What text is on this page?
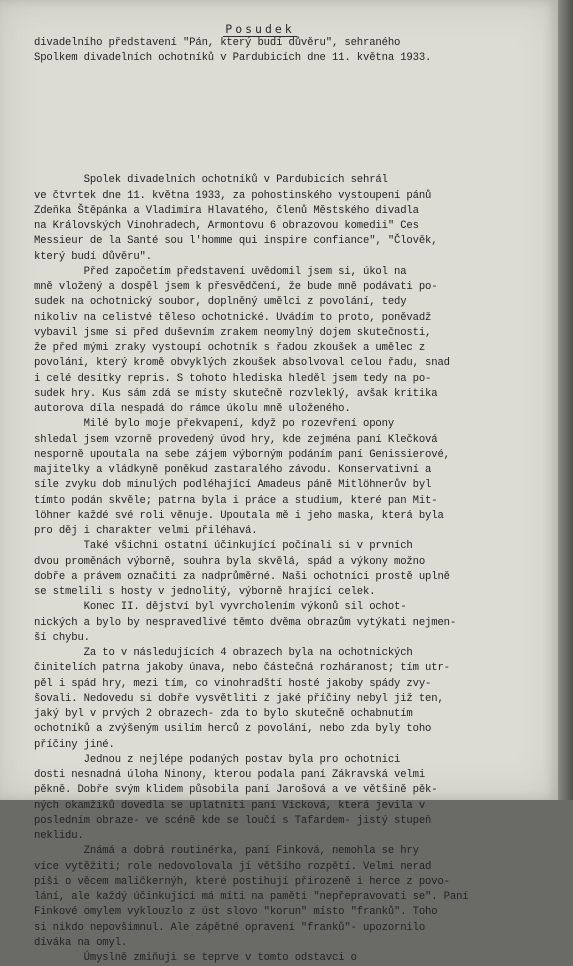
Posudek
divadelního představení "Pán, který budí důvěru", sehraného
Spolkem divadelních ochotníků v Pardubicích dne 11. května 1933.

Spolek divadelních ochotníků v Pardubicích sehrál
ve čtvrtek dne 11. května 1933, za pohostinského vystoupení pánů
Zdeňka Štěpánka a Vladimíra Hlavatého, členů Městského divadla
na Královských Vinohradech, Armontovu 6 obrazovou komedii" Ces
Messieur de la Santé sou l'homme qui inspire confiance", "Člověk,
který budí důvěru".
Před započetím představení uvědomil jsem si, úkol na
mně vložený a dospěl jsem k přesvědčení, že bude mně podávati po-
sudek na ochotnický soubor, doplněný umělci z povolání, tedy
nikoliv na celistvé těleso ochotnické. Uvádím to proto, poněvadž
vybavil jsme si před duševním zrakem neomylný dojem skutečnosti,
že před mými zraky vystoupí ochotník s řadou zkoušek a umělec z
povolání, který kromě obvyklých zkoušek absolvoval celou řadu, snad
i celé desítky repris. S tohoto hlediska hleděl jsem tedy na po-
sudek hry. Kus sám zdá se místy skutečně rozvleklý, avšak kritika
autorova díla nespadá do rámce úkolu mně uloženého.
Milé bylo moje překvapení, když po rozevření opony
shledal jsem vzorně provedený úvod hry, kde zejména paní Klečková
nesporně upoutala na sebe zájem výborným podáním paní Genissierové,
majitelky a vládkyně poněkud zastaralého závodu. Konservativní a
síle zvyku dob minulých podléhající Amadeus páně Mitlöhnerův byl
tímto podán skvěle; patrna byla i práce a studium, které pan Mit-
löhner každé své roli věnuje. Upoutala mě i jeho maska, která byla
pro děj i charakter velmi přiléhavá.
Také všichni ostatní účinkující počínali si v prvních
dvou proměnách výborně, souhra byla skvělá, spád a výkony možno
dobře a právem označiti za nadprůměrné. Naši ochotníci prostě uplně
se stmelili s hosty v jednolitý, výborně hrající celek.
Konec II. dějství byl vyvrcholením výkonů sil ochot-
nických a bylo by nespravedlivé těmto dvěma obrazům vytýkati nejmen-
ší chybu.
Za to v následujících 4 obrazech byla na ochotnických
činitelích patrna jakoby únava, nebo částečná rozháranost; tím utr-
pěl i spád hry, mezi tím, co vinohradští hosté jakoby spády zvy-
šovali. Nedovedu si dobře vysvětliti z jaké příčiny nebyl již ten,
jaký byl v prvých 2 obrazech- zda to bylo skutečně ochabnutím
ochotníků a zvýšeným usilím herců z povolání, nebo zda byly toho
příčiny jiné.
Jednou z nejlépe podaných postav byla pro ochotnici
dosti nesnadná úloha Ninony, kterou podala paní Zákravská velmi
pěkně. Dobře svým klidem působila paní Jarošová a ve většině pěk-
ných okamžiků dovedla se uplatniti paní Vicková, která jevila v
posledním obraze- ve scéně kde se loučí s Tafardem- jistý stupeň
neklidu.
Známá a dobrá routinérka, paní Finková, nemohla se hry
více vytěžiti; role nedovolovala jí většího rozpětí. Velmi nerad
píši o věcem maličkernýh, které postihují přirozeně i herce z povo-
lání, ale každý účinkující má míti na paměti "nepřepravovati se". Paní
Finkové omylem vyklouzlo z úst slovo "korun" místo "franků". Toho
si nikdo nepovšimnul. Ale zápětné opravení "franků"- upozornilo
diváka na omyl.
Úmyslně zmiňuji se teprve v tomto odstavci o
